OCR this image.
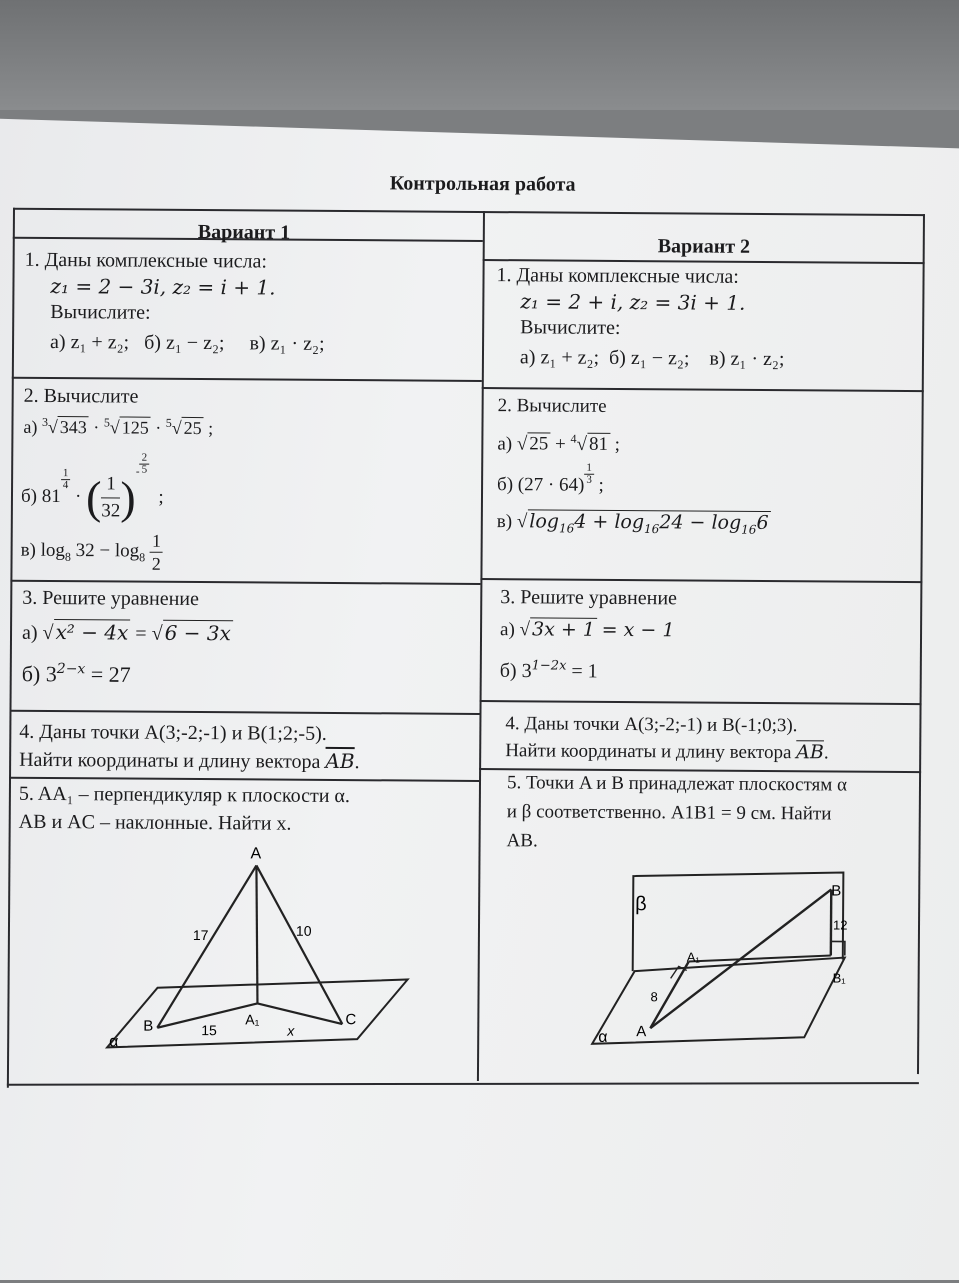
Контрольная работа
Вариант 1
Вариант 2
1. Даны комплексные числа:
z₁ = 2 − 3i, z₂ = i + 1.
Вычислите:
а) z₁ + z₂; б) z₁ − z₂; в) z₁ · z₂;
2. Вычислите
а) $^3$√ 343 · $^5$√ 125 · $^5$√ 25 ;
б) 81
$\frac{1}{4}$
· ( $\frac{1}{32} )^- \frac{2}{5}$
;
в) $\log_8 32 - \log_8 \frac{1}{2}$
3. Решите уравнение
а) √x² − 4x = √6 − 3x
б) $3^{2-x} = 27$
4. Даны точки A(3;-2;-1) и B(1;2;-5).
Найти координаты и длину вектора $\overline{AB}$.
5. AA₁ – перпендикуляр к плоскости α.
AB и AC – наклонные. Найти x.
A
B	C
A₁
17	10
15	x
α
1. Даны комплексные числа:
z₁ = 2 + i, z₂ = 3i + 1.
Вычислите:
а) z₁ + z₂; б) z₁ − z₂; в) z₁ · z₂;
2. Вычислите
а) √25 + $^4$√81 ;
б) $(27 \cdot 64) \frac{1}{3}$ ;
в) $√\log_{16}4 + \log_{16}24 - \log_{16}6$
3. Решите уравнение
а) √3x + 1 = x − 1
б) $3^{1-2x} = 1$
4. Даны точки A(3;-2;-1) и B(-1;0;3).
Найти координаты и длину вектора $\overline{AB}$.
5. Точки A и B принадлежат плоскостям α
и β соответственно. A1B1 = 9 см. Найти
AB.
β
α A
A₁
B
B₁
8
12
